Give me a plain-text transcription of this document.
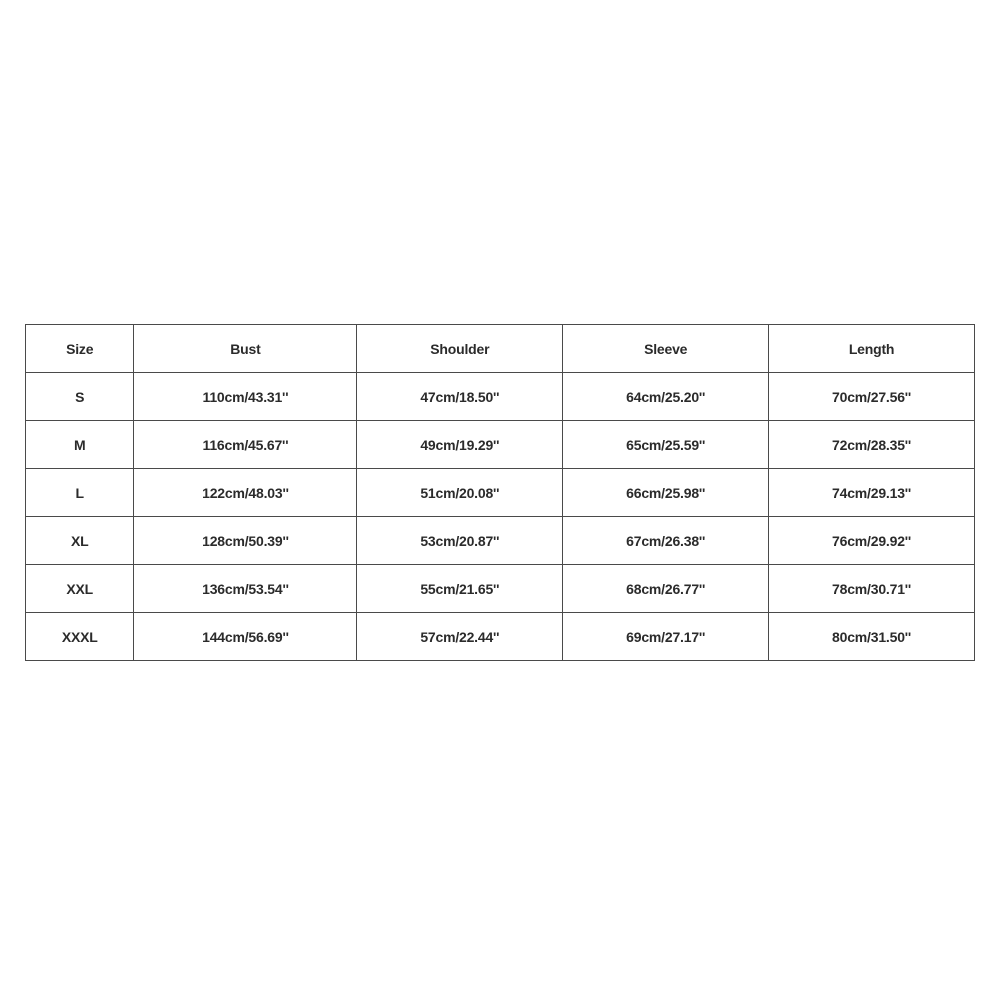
Size	Bust	Shoulder	Sleeve	Length
S	110cm/43.31''	47cm/18.50''	64cm/25.20''	70cm/27.56''
M	116cm/45.67''	49cm/19.29''	65cm/25.59''	72cm/28.35''
L	122cm/48.03''	51cm/20.08''	66cm/25.98''	74cm/29.13''
XL	128cm/50.39''	53cm/20.87''	67cm/26.38''	76cm/29.92''
XXL	136cm/53.54''	55cm/21.65''	68cm/26.77''	78cm/30.71''
XXXL	144cm/56.69''	57cm/22.44''	69cm/27.17''	80cm/31.50''
